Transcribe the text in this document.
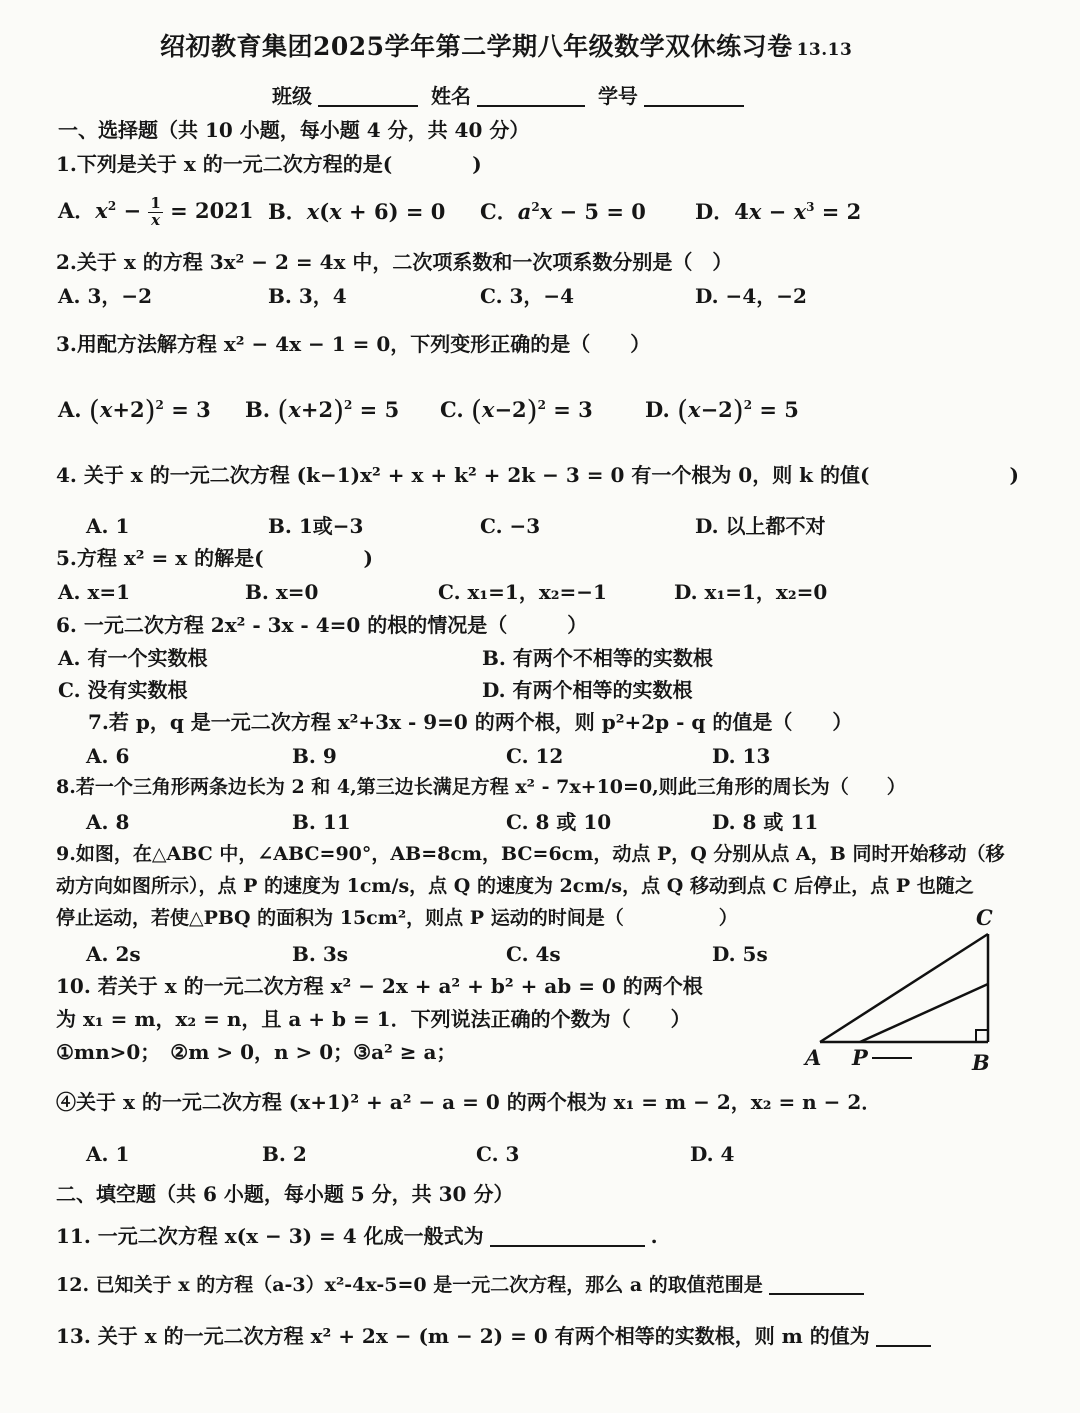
绍初教育集团2025学年第二学期八年级数学双休练习卷 13.13
班级	姓名	学号
一、选择题（共 10 小题，每小题 4 分，共 40 分）
1.下列是关于 x 的一元二次方程的是(　　　　)
A．$x^2 - \frac{1}{x} = 2021$ B．x(x + 6) = 0 C．$a^2x - 5 = 0$ D．$4x - x^3 = 2$
2.关于 x 的方程 3x² − 2 = 4x 中，二次项系数和一次项系数分别是（　）
A. 3，−2	B. 3，4	C. 3，−4	D. −4，−2
3.用配方法解方程 x² − 4x − 1 = 0，下列变形正确的是（　　）
A. $(x+2)^2 = 3$ B. $(x+2)^2 = 5$ C. $(x-2)^2 = 3$ D. $(x-2)^2 = 5$
4. 关于 x 的一元二次方程 (k−1)x² + x + k² + 2k − 3 = 0 有一个根为 0，则 k 的值(　　　　　　　)
A. 1	B. 1或−3	C. −3	D. 以上都不对
5.方程 x² = x 的解是(　　　　　)
A. x=1	B. x=0	C. x₁=1，x₂=−1	D. x₁=1，x₂=0
6. 一元二次方程 2x² - 3x - 4=0 的根的情况是（　　　）
A. 有一个实数根	B. 有两个不相等的实数根
C. 没有实数根	D. 有两个相等的实数根
7.若 p，q 是一元二次方程 x²+3x - 9=0 的两个根，则 p²+2p - q 的值是（　　）
A. 6	B. 9	C. 12	D. 13
8.若一个三角形两条边长为 2 和 4,第三边长满足方程 x² - 7x+10=0,则此三角形的周长为（　　）
A. 8	B. 11	C. 8 或 10	D. 8 或 11
9.如图，在△ABC 中，∠ABC=90°，AB=8cm，BC=6cm，动点 P，Q 分别从点 A，B 同时开始移动（移
动方向如图所示），点 P 的速度为 1cm/s，点 Q 的速度为 2cm/s，点 Q 移动到点 C 后停止，点 P 也随之
停止运动，若使△PBQ 的面积为 15cm²，则点 P 运动的时间是（　　　　　）
A. 2s	B. 3s	C. 4s	D. 5s
10. 若关于 x 的一元二次方程 x² − 2x + a² + b² + ab = 0 的两个根
为 x₁ = m，x₂ = n，且 a + b = 1．下列说法正确的个数为（　　）
①mn>0；　②m > 0，n > 0；③a² ≥ a；
④关于 x 的一元二次方程 (x+1)² + a² − a = 0 的两个根为 x₁ = m − 2，x₂ = n − 2．
A. 1	B. 2	C. 3	D. 4
C
A P	B
二、填空题（共 6 小题，每小题 5 分，共 30 分）
11. 一元二次方程 x(x − 3) = 4 化成一般式为	.
12. 已知关于 x 的方程（a-3）x²-4x-5=0 是一元二次方程，那么 a 的取值范围是
13. 关于 x 的一元二次方程 x² + 2x − (m − 2) = 0 有两个相等的实数根，则 m 的值为
